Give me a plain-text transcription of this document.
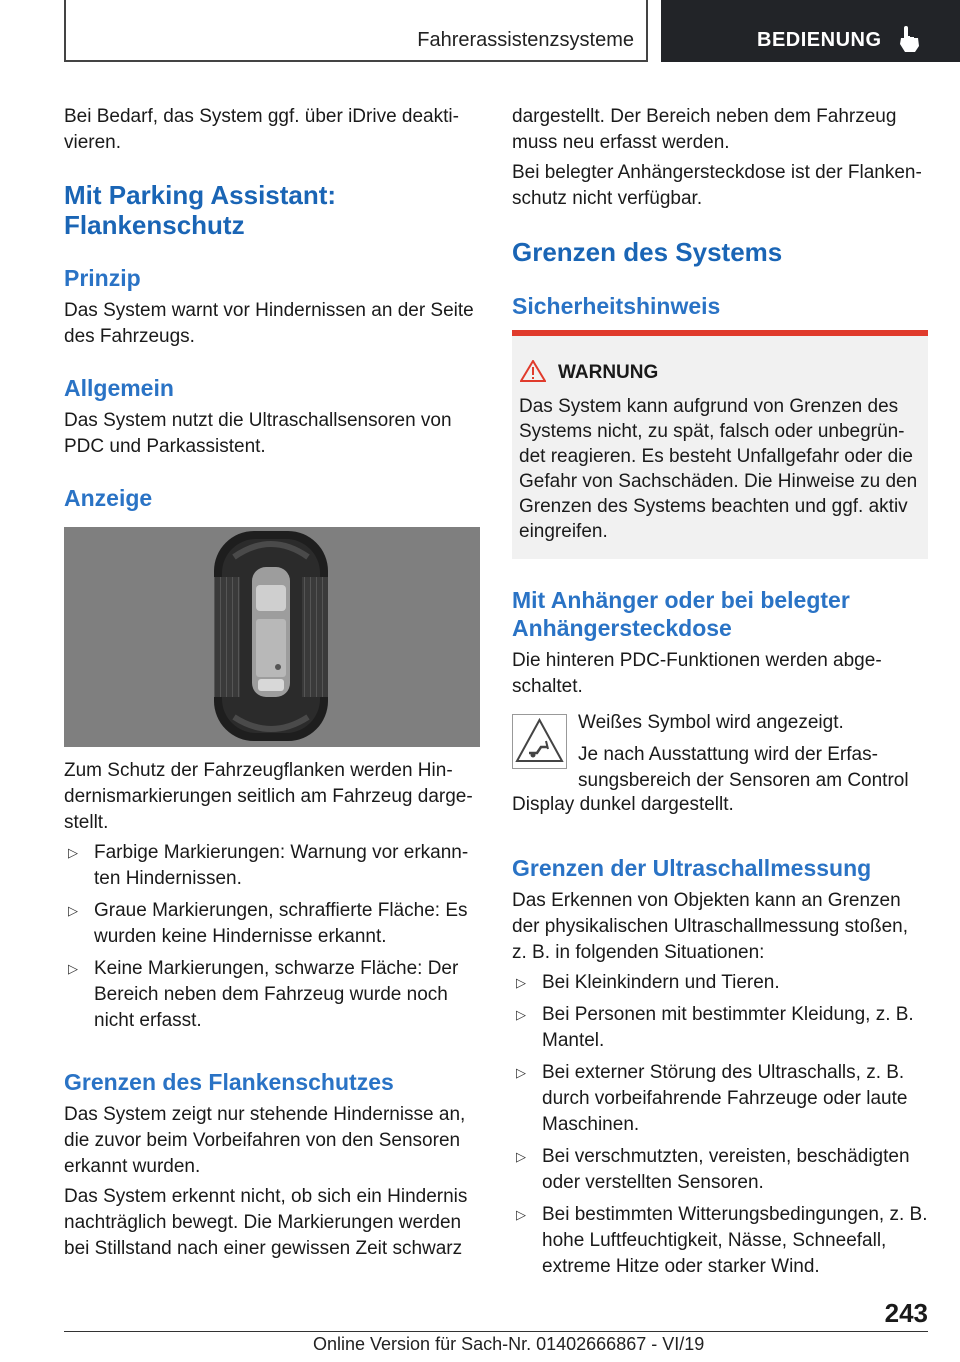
Fahrerassistenzsysteme	BEDIENUNG

Bei Bedarf, das System ggf. über iDrive deaktivieren.

Mit Parking Assistant: Flankenschutz
Prinzip

Das System warnt vor Hindernissen an der Seite des Fahrzeugs.

Allgemein

Das System nutzt die Ultraschallsensoren von PDC und Parkassistent.

Anzeige

Zum Schutz der Fahrzeugflanken werden Hindernismarkierungen seitlich am Fahrzeug dargestellt.

▷ Farbige Markierungen: Warnung vor erkannten Hindernissen.
▷ Graue Markierungen, schraffierte Fläche: Es wurden keine Hindernisse erkannt.
▷ Keine Markierungen, schwarze Fläche: Der Bereich neben dem Fahrzeug wurde noch nicht erfasst.
Grenzen des Flankenschutzes

Das System zeigt nur stehende Hindernisse an, die zuvor beim Vorbeifahren von den Sensoren erkannt wurden.

Das System erkennt nicht, ob sich ein Hindernis nachträglich bewegt. Die Markierungen werden bei Stillstand nach einer gewissen Zeit schwarz

dargestellt. Der Bereich neben dem Fahrzeug muss neu erfasst werden.

Bei belegter Anhängersteckdose ist der Flankenschutz nicht verfügbar.

Grenzen des Systems
Sicherheitshinweis
WARNUNG
Das System kann aufgrund von Grenzen des Systems nicht, zu spät, falsch oder unbegründet reagieren. Es besteht Unfallgefahr oder die Gefahr von Sachschäden. Die Hinweise zu den Grenzen des Systems beachten und ggf. aktiv eingreifen.
Mit Anhänger oder bei belegter Anhängersteckdose

Die hinteren PDC-Funktionen werden abgeschaltet.

Weißes Symbol wird angezeigt.

Je nach Ausstattung wird der Erfassungsbereich der Sensoren am Control

Display dunkel dargestellt.

Grenzen der Ultraschallmessung

Das Erkennen von Objekten kann an Grenzen der physikalischen Ultraschallmessung stoßen, z. B. in folgenden Situationen:

▷ Bei Kleinkindern und Tieren.
▷ Bei Personen mit bestimmter Kleidung, z. B. Mantel.
▷ Bei externer Störung des Ultraschalls, z. B. durch vorbeifahrende Fahrzeuge oder laute Maschinen.
▷ Bei verschmutzten, vereisten, beschädigten oder verstellten Sensoren.
▷ Bei bestimmten Witterungsbedingungen, z. B. hohe Luftfeuchtigkeit, Nässe, Schneefall, extreme Hitze oder starker Wind.
243
Online Version für Sach-Nr. 01402666867 - VI/19
